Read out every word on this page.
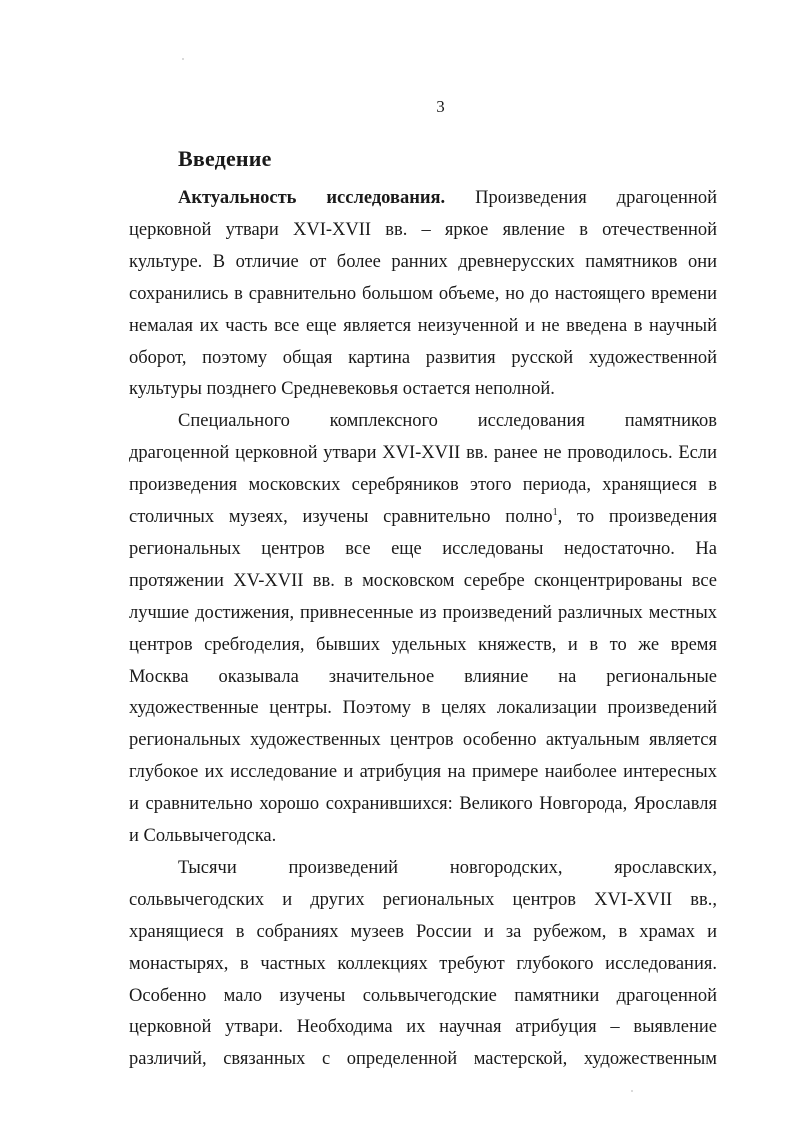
3
Введение
Актуальность исследования. Произведения драгоценной
церковной утвари XVI-XVII вв. – яркое явление в отечественной
культуре. В отличие от более ранних древнерусских памятников они
сохранились в сравнительно большом объеме, но до настоящего времени
немалая их часть все еще является неизученной и не введена в научный
оборот, поэтому общая картина развития русской художественной
культуры позднего Средневековья остается неполной.
Специального комплексного исследования памятников
драгоценной церковной утвари XVI-XVII вв. ранее не проводилось. Если
произведения московских серебряников этого периода, хранящиеся в
столичных музеях, изучены сравнительно полно$^1$, то произведения
региональных центров все еще исследованы недостаточно. На
протяжении XV-XVII вв. в московском серебре сконцентрированы все
лучшие достижения, привнесенные из произведений различных местных
центров сребroделия, бывших удельных княжеств, и в то же время
Москва оказывала значительное влияние на региональные
художественные центры. Поэтому в целях локализации произведений
региональных художественных центров особенно актуальным является
глубокое их исследование и атрибуция на примере наиболее интересных
и сравнительно хорошо сохранившихся: Великого Новгорода, Ярославля
и Сольвычегодска.
Тысячи произведений новгородских, ярославских,
сольвычегодских и других региональных центров XVI-XVII вв.,
хранящиеся в собраниях музеев России и за рубежом, в храмах и
монастырях, в частных коллекциях требуют глубокого исследования.
Особенно мало изучены сольвычегодские памятники драгоценной
церковной утвари. Необходима их научная атрибуция – выявление
различий, связанных с определенной мастерской, художественным
